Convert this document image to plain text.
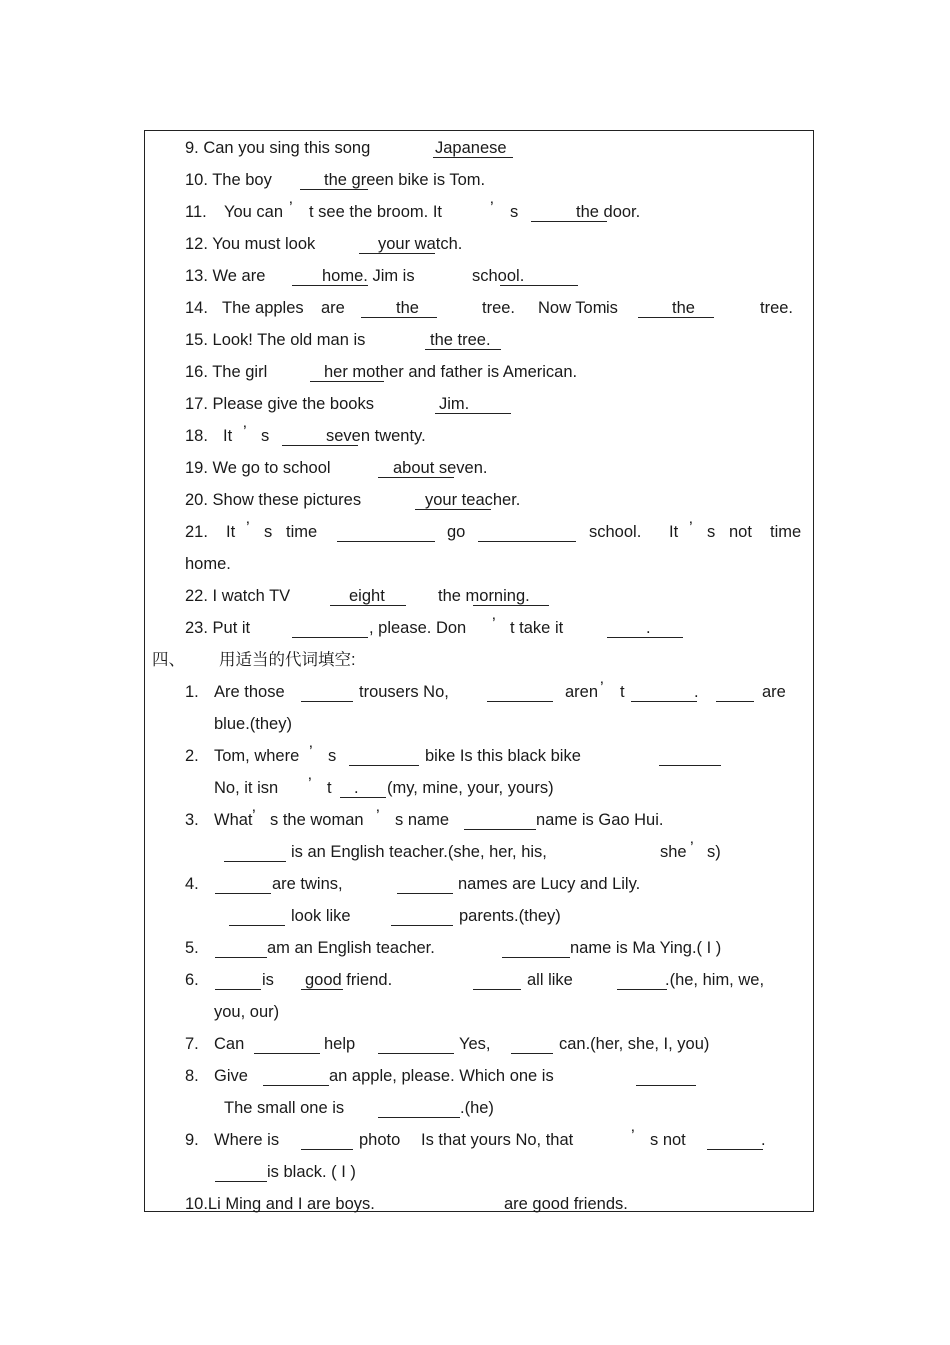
9. Can you sing this song	Japanese
10. The boy	the green bike is Tom.
11. You can ’ t see the broom. It	’ s	the door.
12. You must look	your watch.
13. We are	home. Jim is	school.
14. The apples are	the	tree. Now Tom is	the	tree.
15. Look! The old man is	the tree.
16. The girl	her mother and father is American.
17. Please give the books	Jim.
18. It ’ s	seven twenty.
19. We go to school	about seven.
20. Show these pictures	your teacher.
21. It ’ s time	go	school. It ’ s not time
home.
22. I watch TV	eight	the morning.
23. Put it	, please. Don ’ t take it	.
四、 用适当的代词填空:
1. Are those	trousers No,	aren ’ t	.	are
blue.(they)
2. Tom, where ’ s	bike Is this black bike
No, it isn ’ t . (my, mine, your, yours)
3. What ’ s the woman ’ s name	name is Gao Hui.
is an English teacher.(she, her, his,	she ’ s)
4.	are twins,	names are Lucy and Lily.
look like	parents.(they)
5.	am an English teacher.	name is Ma Ying.( I )
6.	is good friend.	all like	.(he, him, we,
you, our)
7. Can	help	Yes,	can.(her, she, I, you)
8. Give	an apple, please. Which one is
The small one is	.(he)
9. Where is	photo Is that yours No, that	’ s not	.
is black. ( I )
10.Li Ming and I are boys.	are good friends.
